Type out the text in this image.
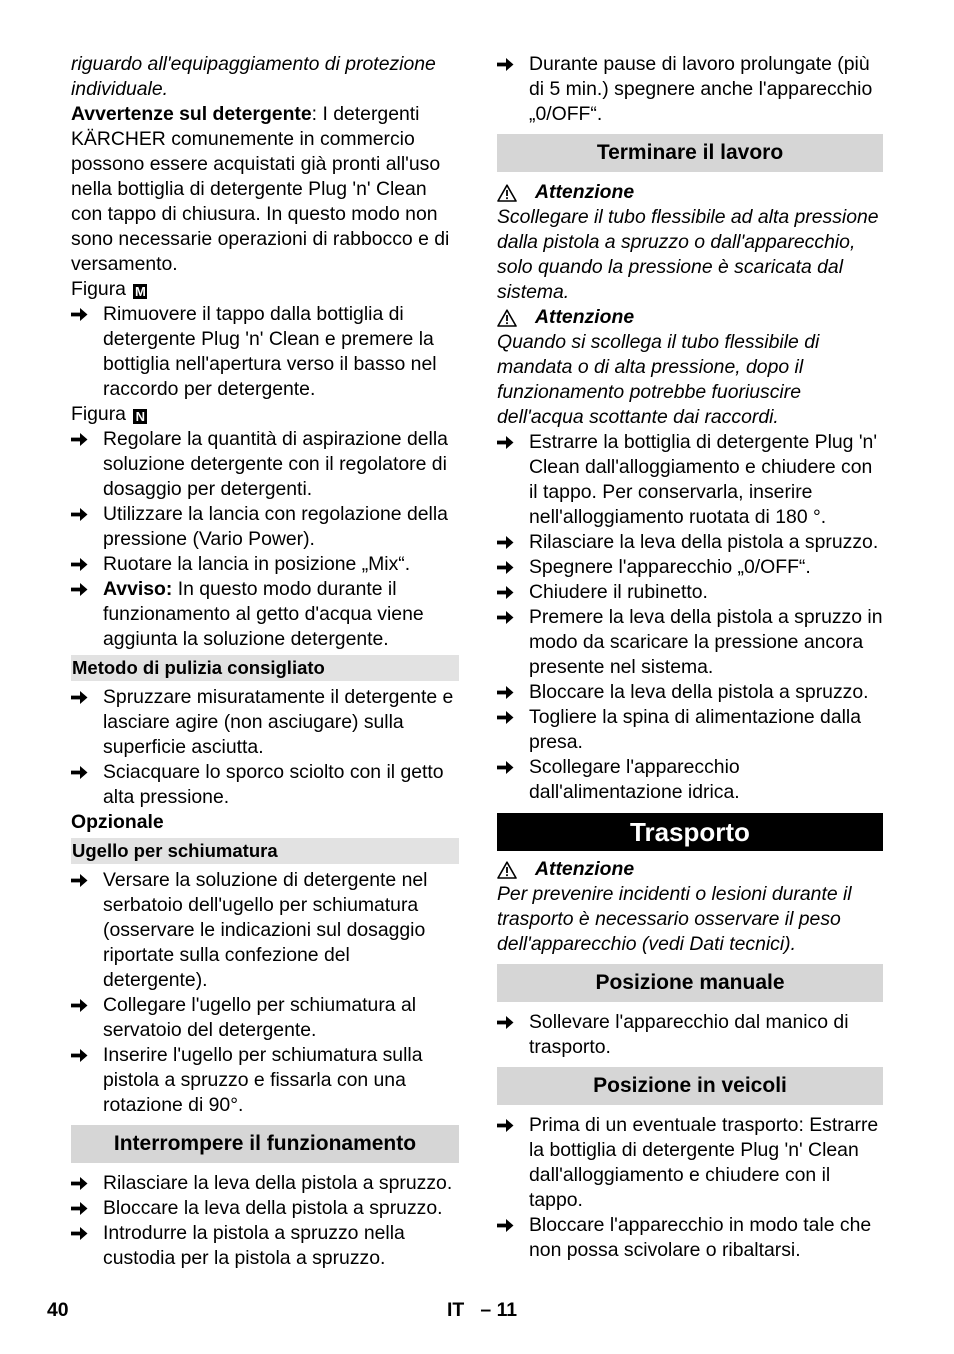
riguardo all'equipaggiamento di protezione individuale.

Avvertenze sul detergente: I detergenti KÄRCHER comunemente in commercio possono essere acquistati già pronti all'uso nella bottiglia di detergente Plug 'n' Clean con tappo di chiusura. In questo modo non sono necessarie operazioni di rabbocco e di versamento.

Figura M

Rimuovere il tappo dalla bottiglia di detergente Plug 'n' Clean e premere la bottiglia nell'apertura verso il basso nel raccordo per detergente.

Figura N

Regolare la quantità di aspirazione della soluzione detergente con il regolatore di dosaggio per detergenti.
Utilizzare la lancia con regolazione della pressione (Vario Power).
Ruotare la lancia in posizione „Mix“.
Avviso: In questo modo durante il funzionamento al getto d'acqua viene aggiunta la soluzione detergente.
Metodo di pulizia consigliato
Spruzzare misuratamente il detergente e lasciare agire (non asciugare) sulla superficie asciutta.
Sciacquare lo sporco sciolto con il getto alta pressione.

Opzionale

Ugello per schiumatura
Versare la soluzione di detergente nel serbatoio dell'ugello per schiumatura (osservare le indicazioni sul dosaggio riportate sulla confezione del detergente).
Collegare l'ugello per schiumatura al servatoio del detergente.
Inserire l'ugello per schiumatura sulla pistola a spruzzo e fissarla con una rotazione di 90°.
Interrompere il funzionamento
Rilasciare la leva della pistola a spruzzo.
Bloccare la leva della pistola a spruzzo.
Introdurre la pistola a spruzzo nella custodia per la pistola a spruzzo.
Durante pause di lavoro prolungate (più di 5 min.) spegnere anche l'apparecchio „0/OFF“.
Terminare il lavoro
Attenzione

Scollegare il tubo flessibile ad alta pressione dalla pistola a spruzzo o dall'apparecchio, solo quando la pressione è scaricata dal sistema.

Attenzione

Quando si scollega il tubo flessibile di mandata o di alta pressione, dopo il funzionamento potrebbe fuoriuscire dell'acqua scottante dai raccordi.

Estrarre la bottiglia di detergente Plug 'n' Clean dall'alloggiamento e chiudere con il tappo. Per conservarla, inserire nell'alloggiamento ruotata di 180 °.
Rilasciare la leva della pistola a spruzzo.
Spegnere l'apparecchio „0/OFF“.
Chiudere il rubinetto.
Premere la leva della pistola a spruzzo in modo da scaricare la pressione ancora presente nel sistema.
Bloccare la leva della pistola a spruzzo.
Togliere la spina di alimentazione dalla presa.
Scollegare l'apparecchio dall'alimentazione idrica.
Trasporto
Attenzione

Per prevenire incidenti o lesioni durante il trasporto è necessario osservare il peso dell'apparecchio (vedi Dati tecnici).

Posizione manuale
Sollevare l'apparecchio dal manico di trasporto.
Posizione in veicoli
Prima di un eventuale trasporto: Estrarre la bottiglia di detergente Plug 'n' Clean dall'alloggiamento e chiudere con il tappo.
Bloccare l'apparecchio in modo tale che non possa scivolare o ribaltarsi.
40	IT   – 11
